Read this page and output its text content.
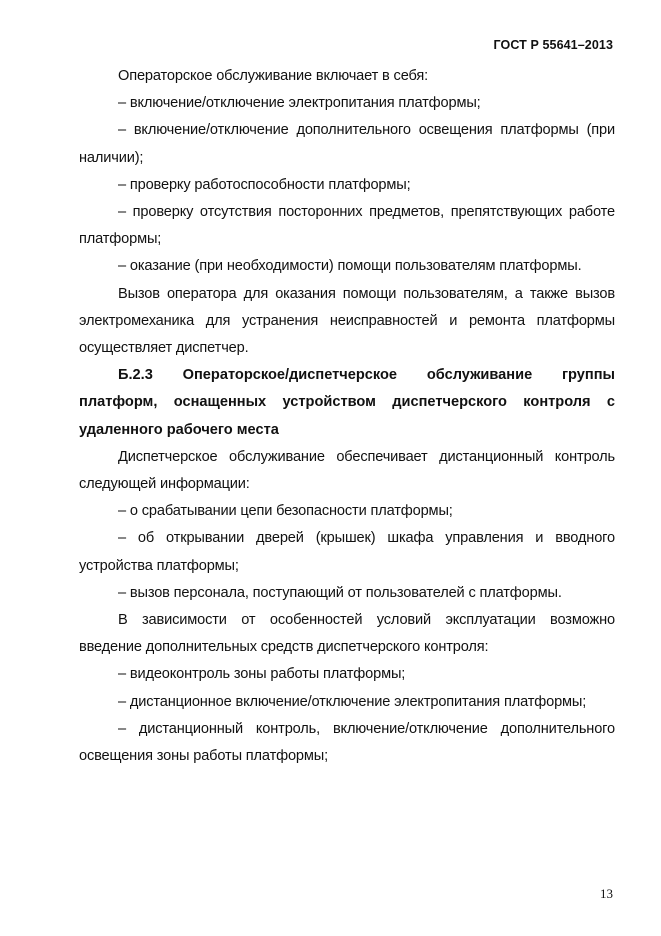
ГОСТ Р 55641–2013

Операторское обслуживание включает в себя:

– включение/отключение электропитания платформы;

– включение/отключение дополнительного освещения платформы (при наличии);

– проверку работоспособности платформы;

– проверку отсутствия посторонних предметов, препятствующих работе платформы;

– оказание (при необходимости) помощи пользователям платформы.

Вызов оператора для оказания помощи пользователям, а также вызов электромеханика для устранения неисправностей и ремонта платформы осуществляет диспетчер.

Б.2.3 Операторское/диспетчерское обслуживание группы платформ, оснащенных устройством диспетчерского контроля с удаленного рабочего места

Диспетчерское обслуживание обеспечивает дистанционный контроль следующей информации:

– о срабатывании цепи безопасности платформы;

– об открывании дверей (крышек) шкафа управления и вводного устройства платформы;

– вызов персонала, поступающий от пользователей с платформы.

В зависимости от особенностей условий эксплуатации возможно введение дополнительных средств диспетчерского контроля:

– видеоконтроль зоны работы платформы;

– дистанционное включение/отключение электропитания платформы;

– дистанционный контроль, включение/отключение дополнительного освещения зоны работы платформы;

13
